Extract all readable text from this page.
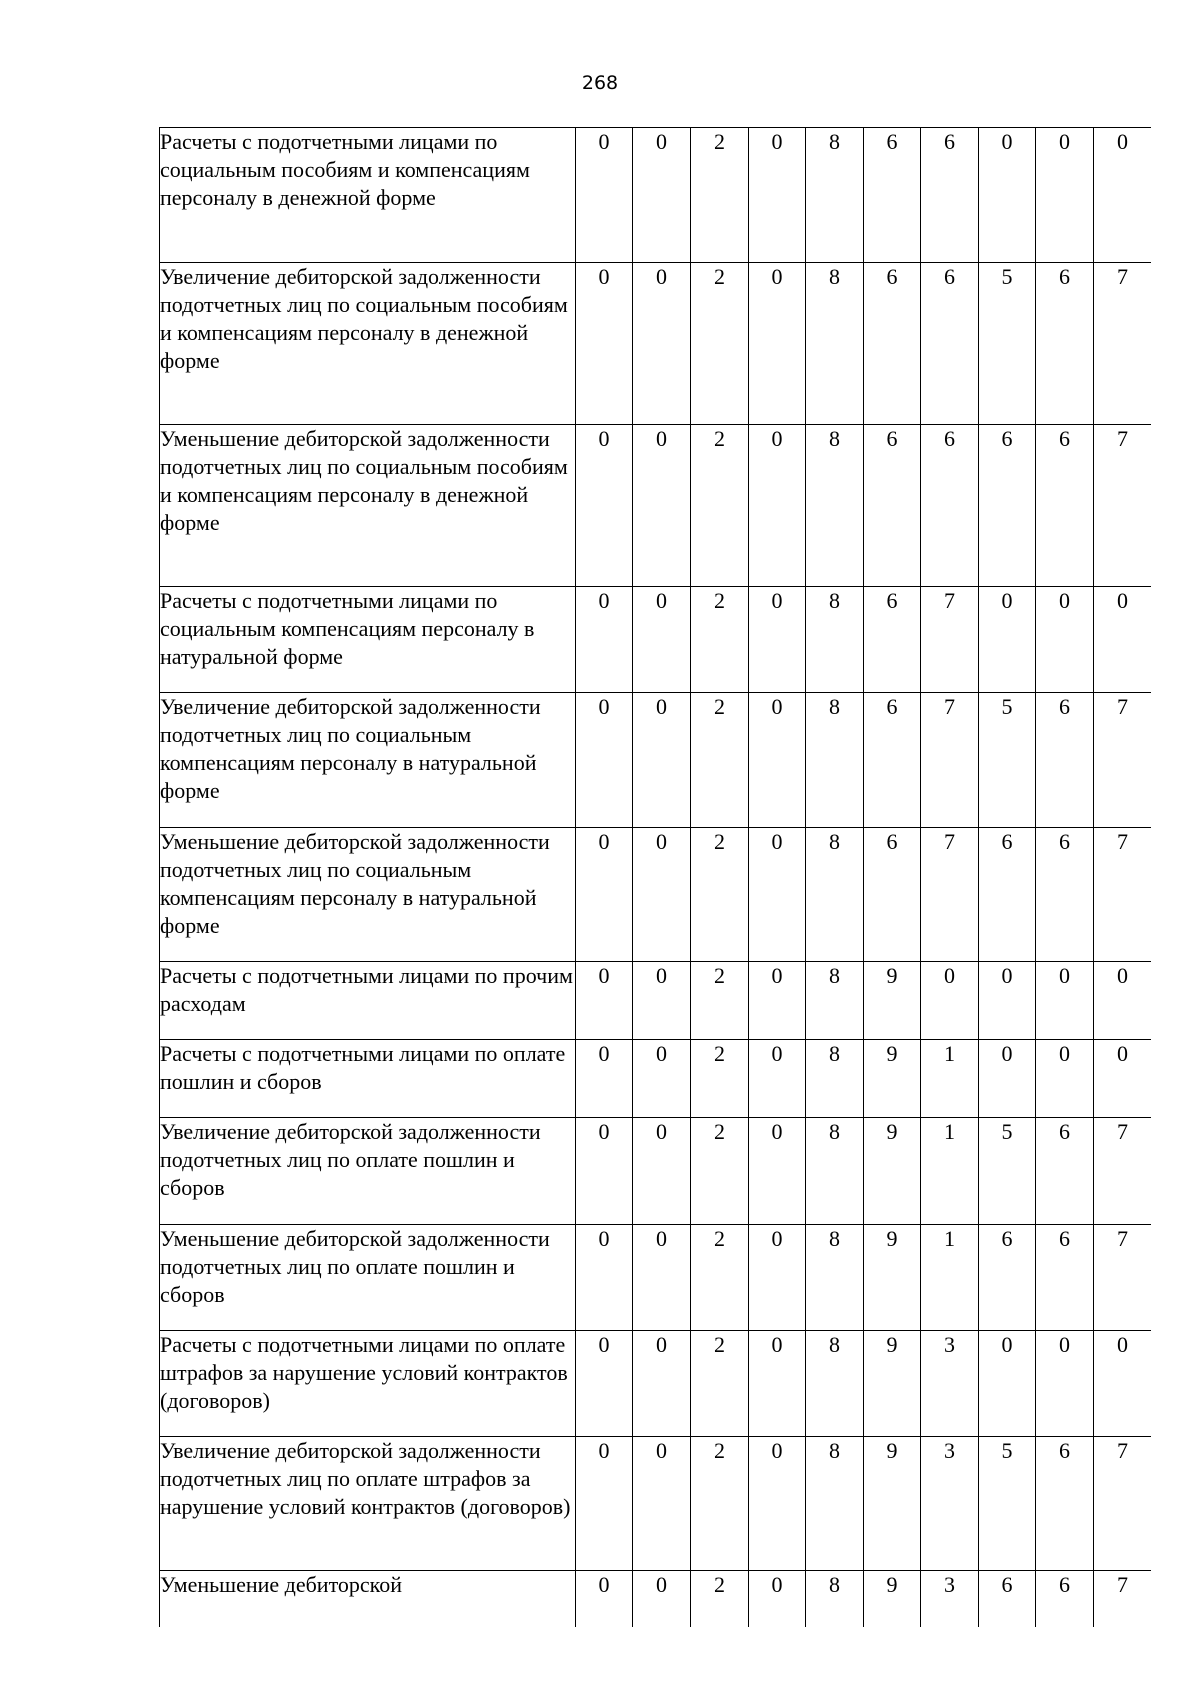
268
Расчеты с подотчетными лицами по социальным пособиям и компенсациям персоналу в денежной форме	0	0	2	0	8	6	6	0	0	0
Увеличение дебиторской задолженности подотчетных лиц по социальным пособиям и компенсациям персоналу в денежной форме	0	0	2	0	8	6	6	5	6	7
Уменьшение дебиторской задолженности подотчетных лиц по социальным пособиям и компенсациям персоналу в денежной форме	0	0	2	0	8	6	6	6	6	7
Расчеты с подотчетными лицами по социальным компенсациям персоналу в натуральной форме	0	0	2	0	8	6	7	0	0	0
Увеличение дебиторской задолженности подотчетных лиц по социальным компенсациям персоналу в натуральной форме	0	0	2	0	8	6	7	5	6	7
Уменьшение дебиторской задолженности подотчетных лиц по социальным компенсациям персоналу в натуральной форме	0	0	2	0	8	6	7	6	6	7
Расчеты с подотчетными лицами по прочим расходам	0	0	2	0	8	9	0	0	0	0
Расчеты с подотчетными лицами по оплате пошлин и сборов	0	0	2	0	8	9	1	0	0	0
Увеличение дебиторской задолженности подотчетных лиц по оплате пошлин и сборов	0	0	2	0	8	9	1	5	6	7
Уменьшение дебиторской задолженности подотчетных лиц по оплате пошлин и сборов	0	0	2	0	8	9	1	6	6	7
Расчеты с подотчетными лицами по оплате штрафов за нарушение условий контрактов (договоров)	0	0	2	0	8	9	3	0	0	0
Увеличение дебиторской задолженности подотчетных лиц по оплате штрафов за нарушение условий контрактов (договоров)	0	0	2	0	8	9	3	5	6	7
Уменьшение дебиторской	0	0	2	0	8	9	3	6	6	7
